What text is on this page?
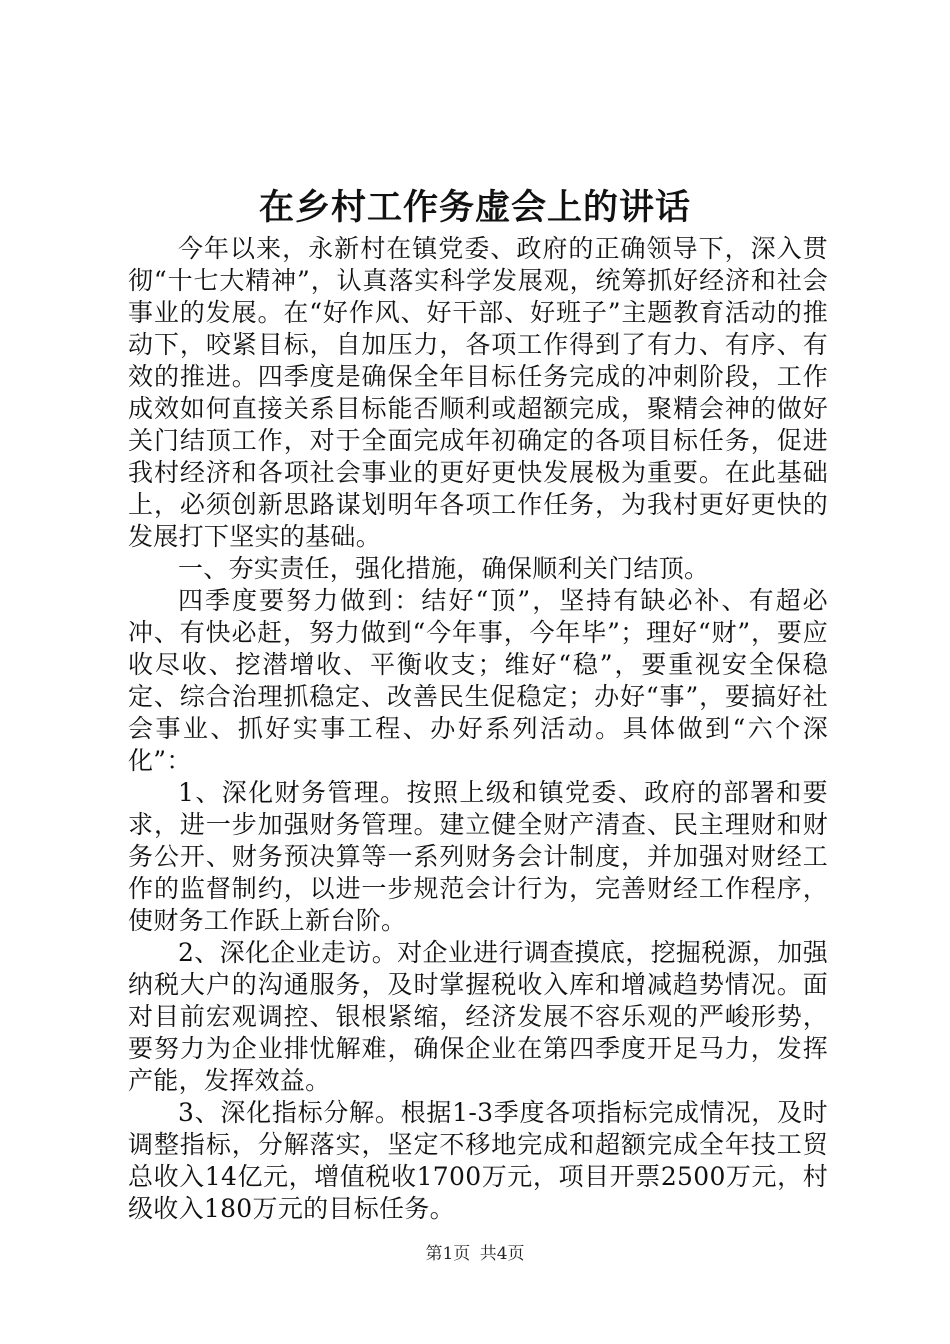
在乡村工作务虚会上的讲话

今年以来，永新村在镇党委、政府的正确领导下，深入贯彻“十七大精神”，认真落实科学发展观，统筹抓好经济和社会事业的发展。在“好作风、好干部、好班子”主题教育活动的推动下，咬紧目标，自加压力，各项工作得到了有力、有序、有效的推进。四季度是确保全年目标任务完成的冲刺阶段，工作成效如何直接关系目标能否顺利或超额完成，聚精会神的做好关门结顶工作，对于全面完成年初确定的各项目标任务，促进我村经济和各项社会事业的更好更快发展极为重要。在此基础上，必须创新思路谋划明年各项工作任务，为我村更好更快的发展打下坚实的基础。

一、夯实责任，强化措施，确保顺利关门结顶。

四季度要努力做到：结好“顶”，坚持有缺必补、有超必冲、有快必赶，努力做到“今年事，今年毕”；理好“财”，要应收尽收、挖潜增收、平衡收支；维好“稳”，要重视安全保稳定、综合治理抓稳定、改善民生促稳定；办好“事”，要搞好社会事业、抓好实事工程、办好系列活动。具体做到“六个深化”：

1、深化财务管理。按照上级和镇党委、政府的部署和要求，进一步加强财务管理。建立健全财产清查、民主理财和财务公开、财务预决算等一系列财务会计制度，并加强对财经工作的监督制约，以进一步规范会计行为，完善财经工作程序，使财务工作跃上新台阶。

2、深化企业走访。对企业进行调查摸底，挖掘税源，加强纳税大户的沟通服务，及时掌握税收入库和增减趋势情况。面对目前宏观调控、银根紧缩，经济发展不容乐观的严峻形势，要努力为企业排忧解难，确保企业在第四季度开足马力，发挥产能，发挥效益。

3、深化指标分解。根据1-3季度各项指标完成情况，及时调整指标，分解落实，坚定不移地完成和超额完成全年技工贸总收入14亿元，增值税收1700万元，项目开票2500万元，村级收入180万元的目标任务。

第1页 共4页
